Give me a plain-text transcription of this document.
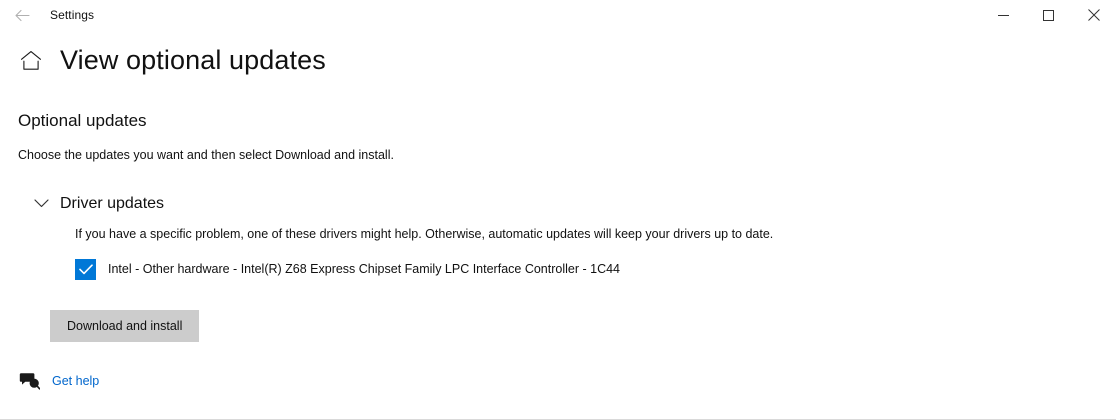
Settings
View optional updates
Optional updates
Choose the updates you want and then select Download and install.
Driver updates
If you have a specific problem, one of these drivers might help. Otherwise, automatic updates will keep your drivers up to date.
Intel - Other hardware - Intel(R) Z68 Express Chipset Family LPC Interface Controller - 1C44
Download and install
Get help
